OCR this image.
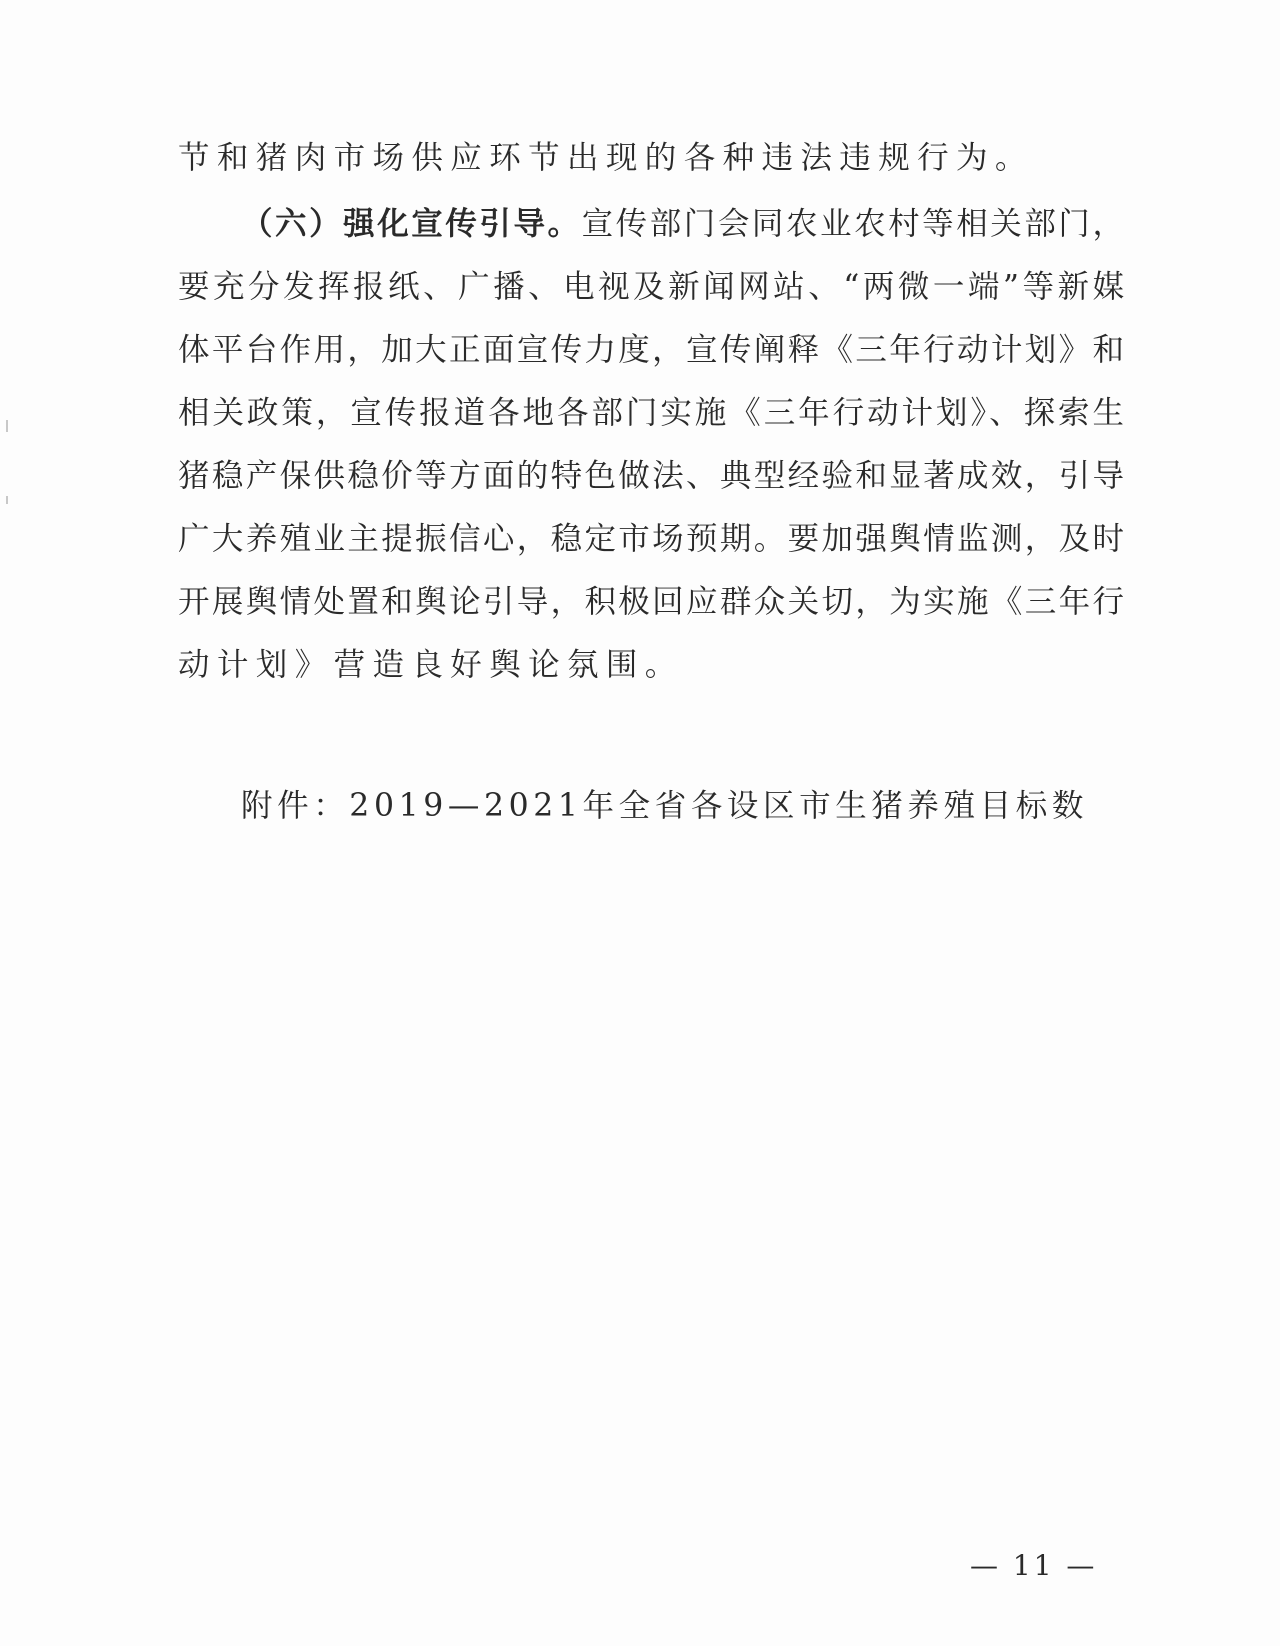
节和猪肉市场供应环节出现的各种违法违规行为。
（六）强化宣传引导。宣传部门会同农业农村等相关部门，
要充分发挥报纸、广播、电视及新闻网站、“两微一端”等新媒
体平台作用，加大正面宣传力度，宣传阐释《三年行动计划》和
相关政策，宣传报道各地各部门实施《三年行动计划》、探索生
猪稳产保供稳价等方面的特色做法、典型经验和显著成效，引导
广大养殖业主提振信心，稳定市场预期。要加强舆情监测，及时
开展舆情处置和舆论引导，积极回应群众关切，为实施《三年行
动计划》营造良好舆论氛围。
附件：2019—2021年全省各设区市生猪养殖目标数
— 11 —
